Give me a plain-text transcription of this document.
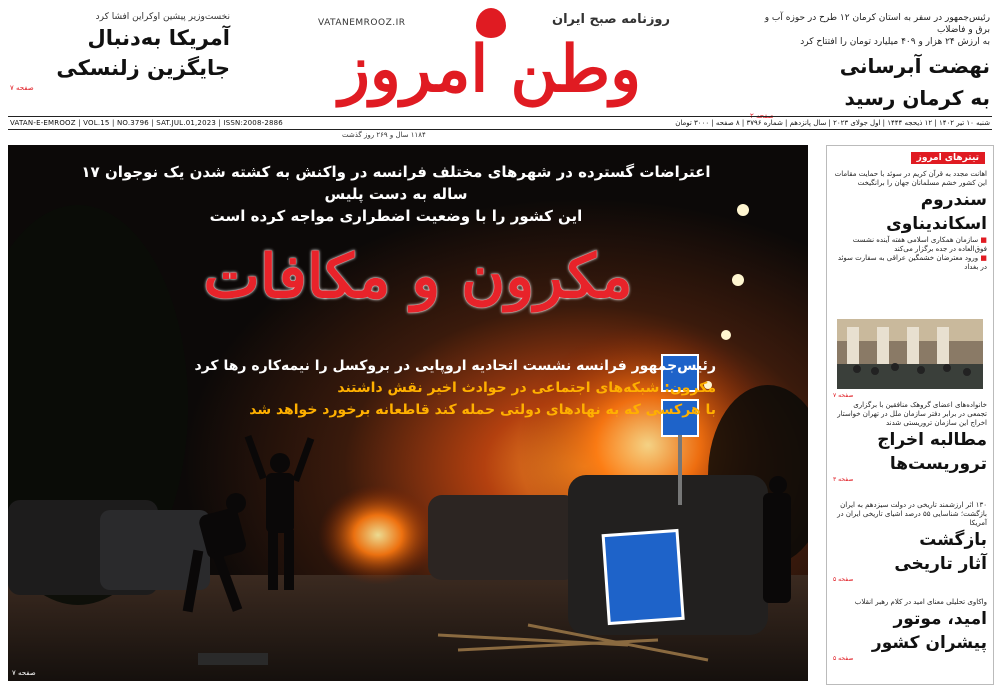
نخست‌وزیر پیشین اوکراین افشا کرد
آمریکا به‌دنبال
جایگزین زلنسکی
صفحه ۷
VATANEMROOZ.IR	روزنامه صبح ایران
وطن امروز
رئیس‌جمهور در سفر به استان کرمان ۱۲ طرح در حوزه آب و برق و فاضلاب
به ارزش ۲۴ هزار و ۴۰۹ میلیارد تومان را افتتاح کرد
نهضت آبرسانی
به کرمان رسید
صفحه ۲
VATAN-E-EMROOZ | VOL.15 | NO.3796 | SAT.JUL.01,2023 | ISSN:2008-2886	شنبه ۱۰ تیر ۱۴۰۲ | ۱۲ ذیحجه ۱۴۴۴ | اول جولای ۲۰۲۳ | سال پانزدهم | شماره ۳۷۹۶ | ۸ صفحه | ۳۰۰۰ تومان
۱۱۸۴ سال و ۲۶۹ روز گذشت
اعتراضات گسترده در شهرهای مختلف فرانسه در واکنش به کشته شدن یک نوجوان ۱۷ ساله به دست پلیس
این کشور را با وضعیت اضطراری مواجه کرده است
مکرون و مکافات
رئیس‌جمهور فرانسه نشست اتحادیه اروپایی در بروکسل را نیمه‌کاره رها کرد
مکرون: شبکه‌های اجتماعی در حوادث اخیر نقش داشتند
با هرکسی که به نهادهای دولتی حمله کند قاطعانه برخورد خواهد شد
صفحه ۷
تیترهای امروز
اهانت مجدد به قرآن کریم در سوئد با حمایت مقامات این کشور خشم مسلمانان جهان را برانگیخت
سندروم
اسکاندیناوی
■ سازمان همکاری اسلامی هفته آینده نشست فوق‌العاده در جده برگزار می‌کند
■ ورود معترضان خشمگین عراقی به سفارت سوئد در بغداد
صفحه ۷
خانواده‌های اعضای گروهک منافقین با برگزاری تجمعی در برابر دفتر سازمان ملل در تهران خواستار اخراج این سازمان تروریستی شدند
مطالبه اخراج
تروریست‌ها
صفحه ۳
۱۳۰ اثر ارزشمند تاریخی در دولت سیزدهم به ایران بازگشت؛ شناسایی ۵۵ درصد اشیای تاریخی ایران در آمریکا
بازگشت
آثار تاریخی
صفحه ۵
واکاوی تحلیلی معنای امید در کلام رهبر انقلاب
امید، موتور
پیشران کشور
صفحه ۵
